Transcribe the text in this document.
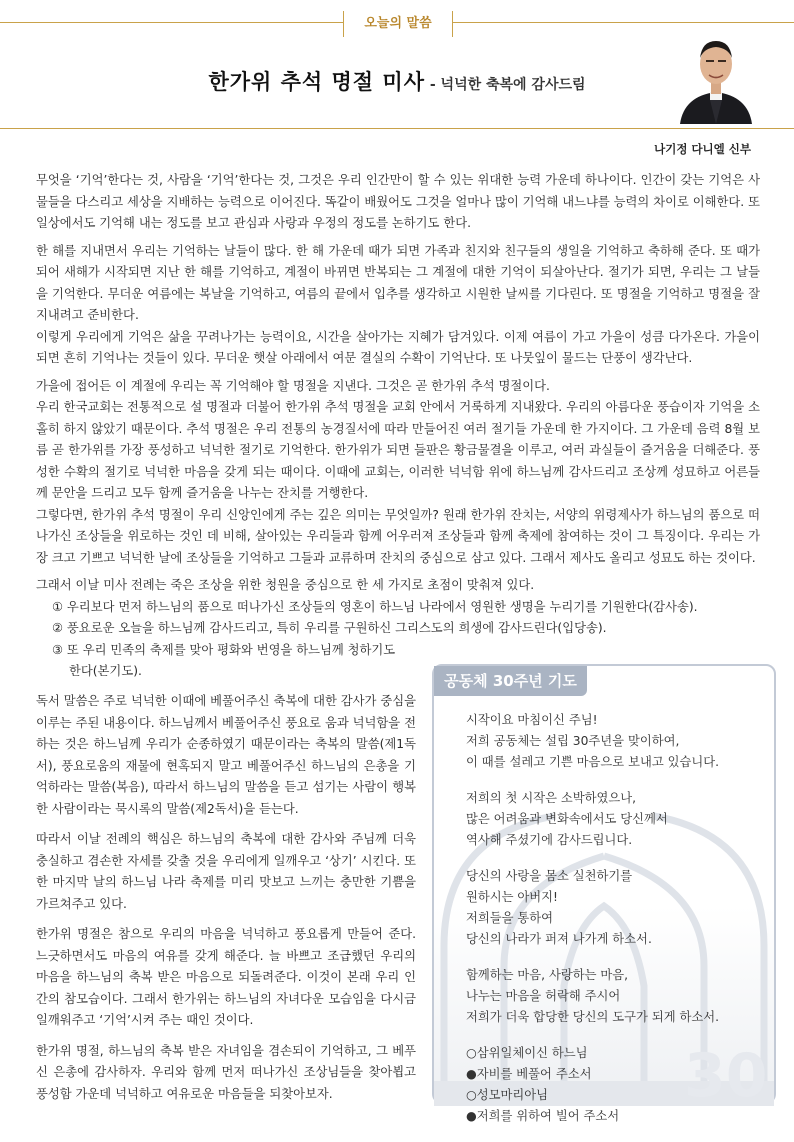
오늘의 말씀
한가위 추석 명절 미사 - 넉넉한 축복에 감사드림
나기정 다니엘 신부

무엇을 ‘기억’한다는 것, 사람을 ‘기억’한다는 것, 그것은 우리 인간만이 할 수 있는 위대한 능력 가운데 하나이다. 인간이 갖는 기억은 사물들을 다스리고 세상을 지배하는 능력으로 이어진다. 똑같이 배웠어도 그것을 얼마나 많이 기억해 내느냐를 능력의 차이로 이해한다. 또 일상에서도 기억해 내는 정도를 보고 관심과 사랑과 우정의 정도를 논하기도 한다.

한 해를 지내면서 우리는 기억하는 날들이 많다. 한 해 가운데 때가 되면 가족과 친지와 친구들의 생일을 기억하고 축하해 준다. 또 때가 되어 새해가 시작되면 지난 한 해를 기억하고, 계절이 바뀌면 반복되는 그 계절에 대한 기억이 되살아난다. 절기가 되면, 우리는 그 날들을 기억한다. 무더운 여름에는 복날을 기억하고, 여름의 끝에서 입추를 생각하고 시원한 날씨를 기다린다. 또 명절을 기억하고 명절을 잘 지내려고 준비한다.

이렇게 우리에게 기억은 삶을 꾸려나가는 능력이요, 시간을 살아가는 지혜가 담겨있다. 이제 여름이 가고 가을이 성큼 다가온다. 가을이 되면 흔히 기억나는 것들이 있다. 무더운 햇살 아래에서 여문 결실의 수확이 기억난다. 또 나뭇잎이 물드는 단풍이 생각난다.

가을에 접어든 이 계절에 우리는 꼭 기억해야 할 명절을 지낸다. 그것은 곧 한가위 추석 명절이다.

우리 한국교회는 전통적으로 설 명절과 더불어 한가위 추석 명절을 교회 안에서 거룩하게 지내왔다. 우리의 아름다운 풍습이자 기억을 소홀히 하지 않았기 때문이다. 추석 명절은 우리 전통의 농경질서에 따라 만들어진 여러 절기들 가운데 한 가지이다. 그 가운데 음력 8월 보름 곧 한가위를 가장 풍성하고 넉넉한 절기로 기억한다. 한가위가 되면 들판은 황금물결을 이루고, 여러 과실들이 즐거움을 더해준다. 풍성한 수확의 절기로 넉넉한 마음을 갖게 되는 때이다. 이때에 교회는, 이러한 넉넉함 위에 하느님께 감사드리고 조상께 성묘하고 어른들께 문안을 드리고 모두 함께 즐거움을 나누는 잔치를 거행한다.

그렇다면, 한가위 추석 명절이 우리 신앙인에게 주는 깊은 의미는 무엇일까? 원래 한가위 잔치는, 서양의 위령제사가 하느님의 품으로 떠나가신 조상들을 위로하는 것인 데 비해, 살아있는 우리들과 함께 어우러져 조상들과 함께 축제에 참여하는 것이 그 특징이다. 우리는 가장 크고 기쁘고 넉넉한 날에 조상들을 기억하고 그들과 교류하며 잔치의 중심으로 삼고 있다. 그래서 제사도 올리고 성묘도 하는 것이다.

그래서 이날 미사 전례는 죽은 조상을 위한 청원을 중심으로 한 세 가지로 초점이 맞춰져 있다.

① 우리보다 먼저 하느님의 품으로 떠나가신 조상들의 영혼이 하느님 나라에서 영원한 생명을 누리기를 기원한다(감사송).
② 풍요로운 오늘을 하느님께 감사드리고, 특히 우리를 구원하신 그리스도의 희생에 감사드린다(입당송).
③ 또 우리 민족의 축제를 맞아 평화와 번영을 하느님께 청하기도
한다(본기도).

독서 말씀은 주로 넉넉한 이때에 베풀어주신 축복에 대한 감사가 중심을 이루는 주된 내용이다. 하느님께서 베풀어주신 풍요로 움과 넉넉함을 전하는 것은 하느님께 우리가 순종하였기 때문이라는 축복의 말씀(제1독서), 풍요로움의 재물에 현혹되지 말고 베풀어주신 하느님의 은총을 기억하라는 말씀(복음), 따라서 하느님의 말씀을 듣고 섬기는 사람이 행복한 사람이라는 묵시록의 말씀(제2독서)을 듣는다.

따라서 이날 전례의 핵심은 하느님의 축복에 대한 감사와 주님께 더욱 충실하고 겸손한 자세를 갖출 것을 우리에게 일깨우고 ‘상기’ 시킨다. 또한 마지막 날의 하느님 나라 축제를 미리 맛보고 느끼는 충만한 기쁨을 가르쳐주고 있다.

한가위 명절은 참으로 우리의 마음을 넉넉하고 풍요롭게 만들어 준다. 느긋하면서도 마음의 여유를 갖게 해준다. 늘 바쁘고 조급했던 우리의 마음을 하느님의 축복 받은 마음으로 되돌려준다. 이것이 본래 우리 인간의 참모습이다. 그래서 한가위는 하느님의 자녀다운 모습임을 다시금 일깨워주고 ‘기억’시켜 주는 때인 것이다.

한가위 명절, 하느님의 축복 받은 자녀임을 겸손되이 기억하고, 그 베푸신 은총에 감사하자. 우리와 함께 먼저 떠나가신 조상님들을 찾아뵙고 풍성함 가운데 넉넉하고 여유로운 마음들을 되찾아보자.	30
공동체 30주년 기도
시작이요 마침이신 주님!
저희 공동체는 설립 30주년을 맞이하여,
이 때를 설레고 기쁜 마음으로 보내고 있습니다.
저희의 첫 시작은 소박하였으나,
많은 어려움과 변화속에서도 당신께서
역사해 주셨기에 감사드립니다.
당신의 사랑을 몸소 실천하기를
원하시는 아버지!
저희들을 통하여
당신의 나라가 퍼져 나가게 하소서.
함께하는 마음, 사랑하는 마음,
나누는 마음을 허락해 주시어
저희가 더욱 합당한 당신의 도구가 되게 하소서.
○삼위일체이신 하느님
●자비를 베풀어 주소서
○성모마리아님
●저희를 위하여 빌어 주소서
